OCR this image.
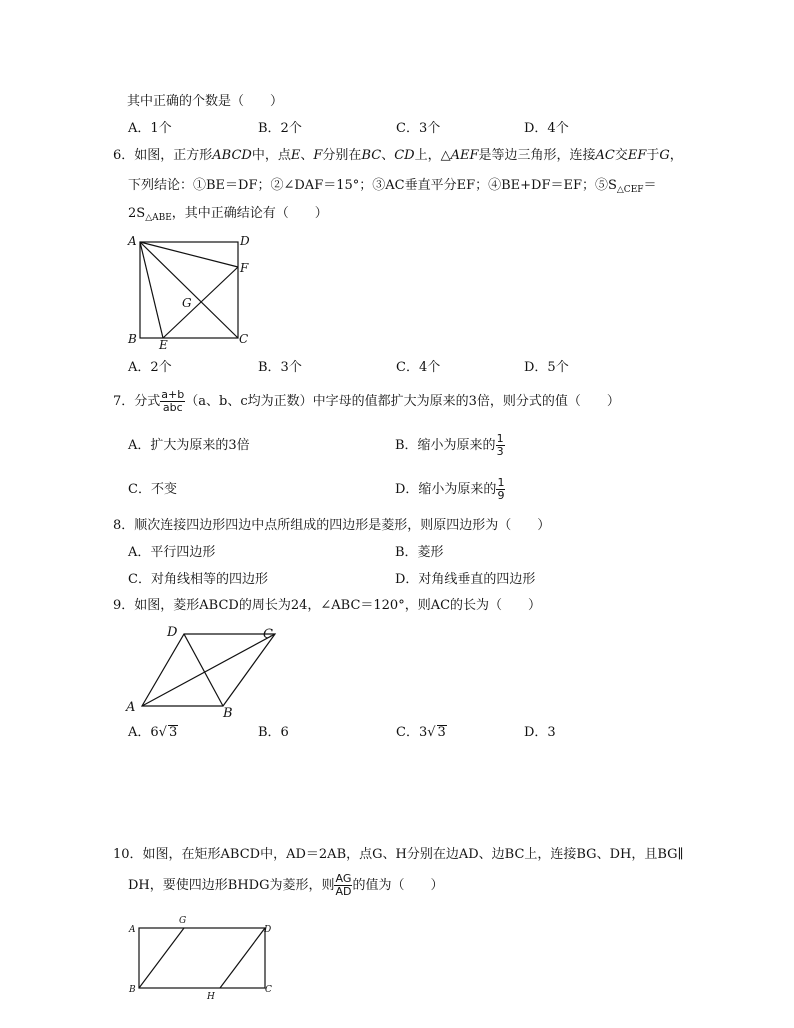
其中正确的个数是（　　）
A．1个	B．2个	C．3个	D．4个
6．如图，正方形ABCD中，点E、F分别在BC、CD上，△AEF是等边三角形，连接AC交EF于G，
下列结论：①BE＝DF；②∠DAF＝15°；③AC垂直平分EF；④BE+DF＝EF；$⑤S_{\triangle CEF}=$
$2S_{\triangle ABE}$，其中正确结论有（　　）
A	D
F
G
B E	C
A．2个	B．3个	C．4个	D．5个
7．分式 $\frac{a+b}{\text{abc}} (a$、b、c均为正数）中字母的值都扩大为原来的3倍，则分式的值（　　）
A．扩大为原来的3倍	B．缩小为原来的 $\frac{1}{3}$
C．不变	D．缩小为原来的 $\frac{1}{9}$
8．顺次连接四边形四边中点所组成的四边形是菱形，则原四边形为（　　）
A．平行四边形	B．菱形
C．对角线相等的四边形	D．对角线垂直的四边形
9．如图，菱形ABCD的周长为24，∠ABC＝120°，则AC的长为（　　）
A	B
C
D
A．6√ 3	B．6	C．3√ 3	D．3
10．如图，在矩形ABCD中，AD＝2AB，点G、H分别在边AD、边BC上，连接BG、DH，且BG∥
DH，要使四边形BHDG为菱形，则 $\frac{AG}{AD}$ 的值为（　　）
A
G
D
B
H
C
